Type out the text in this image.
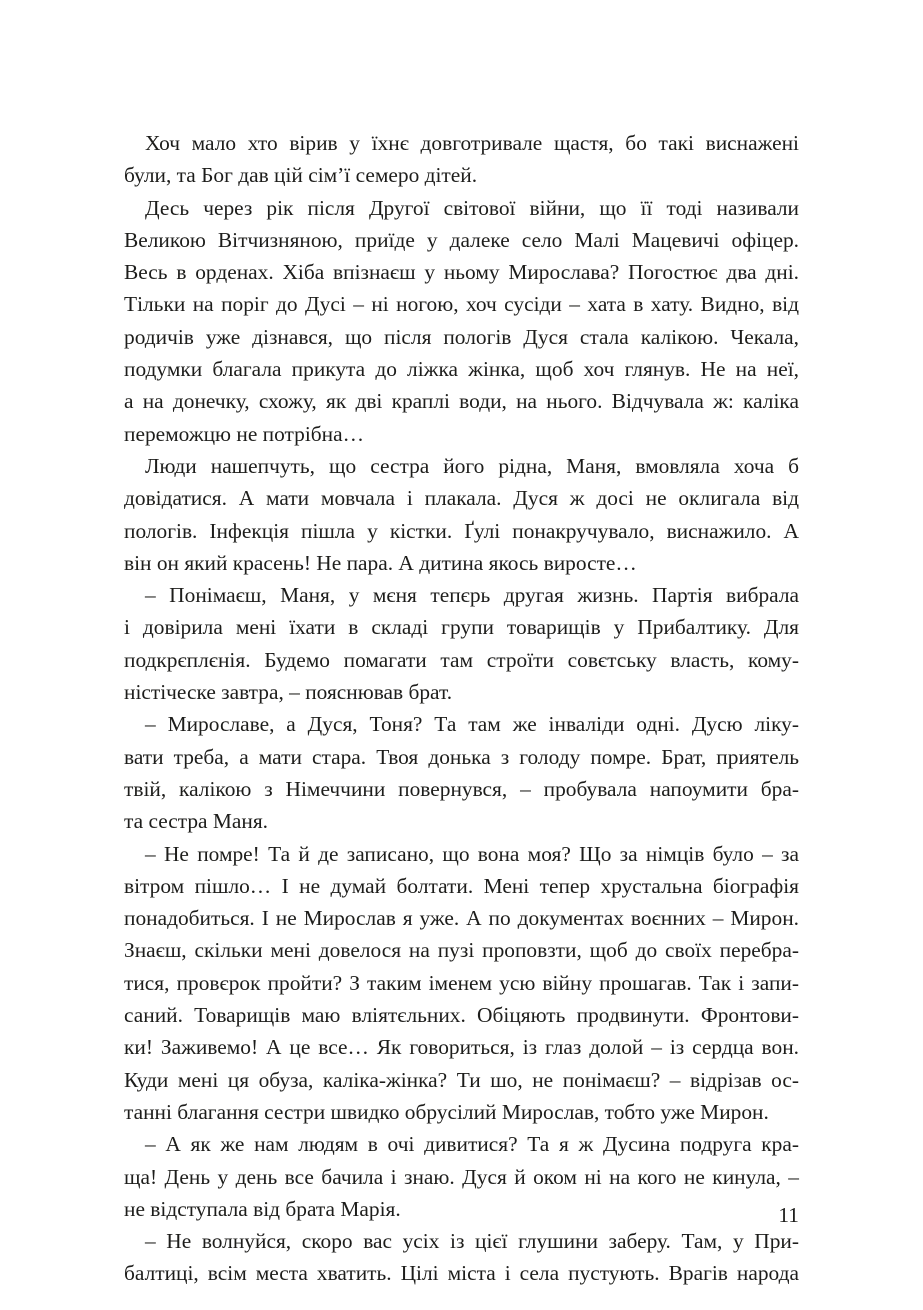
Хоч мало хто вірив у їхнє довготривале щастя, бо такі виснажені
були, та Бог дав цій сім’ї семеро дітей.
Десь через рік після Другої світової війни, що її тоді називали
Великою Вітчизняною, приїде у далеке село Малі Мацевичі офіцер.
Весь в орденах. Хіба впізнаєш у ньому Мирослава? Погостює два дні.
Тільки на поріг до Дусі – ні ногою, хоч сусіди – хата в хату. Видно, від
родичів уже дізнався, що після пологів Дуся стала калікою. Чекала,
подумки благала прикута до ліжка жінка, щоб хоч глянув. Не на неї,
а на донечку, схожу, як дві краплі води, на нього. Відчувала ж: каліка
переможцю не потрібна…
Люди нашепчуть, що сестра його рідна, Маня, вмовляла хоча б
довідатися. А мати мовчала і плакала. Дуся ж досі не оклигала від
пологів. Інфекція пішла у кістки. Ґулі понакручувало, виснажило. А
він он який красень! Не пара. А дитина якось виросте…
– Понімаєш, Маня, у мєня тепєрь другая жизнь. Партія вибрала
і довірила мені їхати в складі групи товарищів у Прибалтику. Для
подкрєплєнія. Будемо помагати там строїти совєтську власть, кому-
ністіческе завтра, – пояснював брат.
– Мирославе, а Дуся, Тоня? Та там же інваліди одні. Дусю ліку-
вати треба, а мати стара. Твоя донька з голоду помре. Брат, приятель
твій, калікою з Німеччини повернувся, – пробувала напоумити бра-
та сестра Маня.
– Не помре! Та й де записано, що вона моя? Що за німців було – за
вітром пішло… І не думай болтати. Мені тепер хрустальна біографія
понадобиться. І не Мирослав я уже. А по документах воєнних – Мирон.
Знаєш, скільки мені довелося на пузі проповзти, щоб до своїх перебра-
тися, провєрок пройти? З таким іменем усю війну прошагав. Так і запи-
саний. Товарищів маю вліятєльних. Обіцяють продвинути. Фронтови-
ки! Заживемо! А це все… Як говориться, із глаз долой – із сердца вон.
Куди мені ця обуза, каліка-жінка? Ти шо, не понімаєш? – відрізав ос-
танні благання сестри швидко обрусілий Мирослав, тобто уже Мирон.
– А як же нам людям в очі дивитися? Та я ж Дусина подруга кра-
ща! День у день все бачила і знаю. Дуся й оком ні на кого не кинула, –
не відступала від брата Марія.
– Не волнуйся, скоро вас усіх із цієї глушини заберу. Там, у При-
балтиці, всім места хватить. Цілі міста і села пустують. Врагів народа
11
